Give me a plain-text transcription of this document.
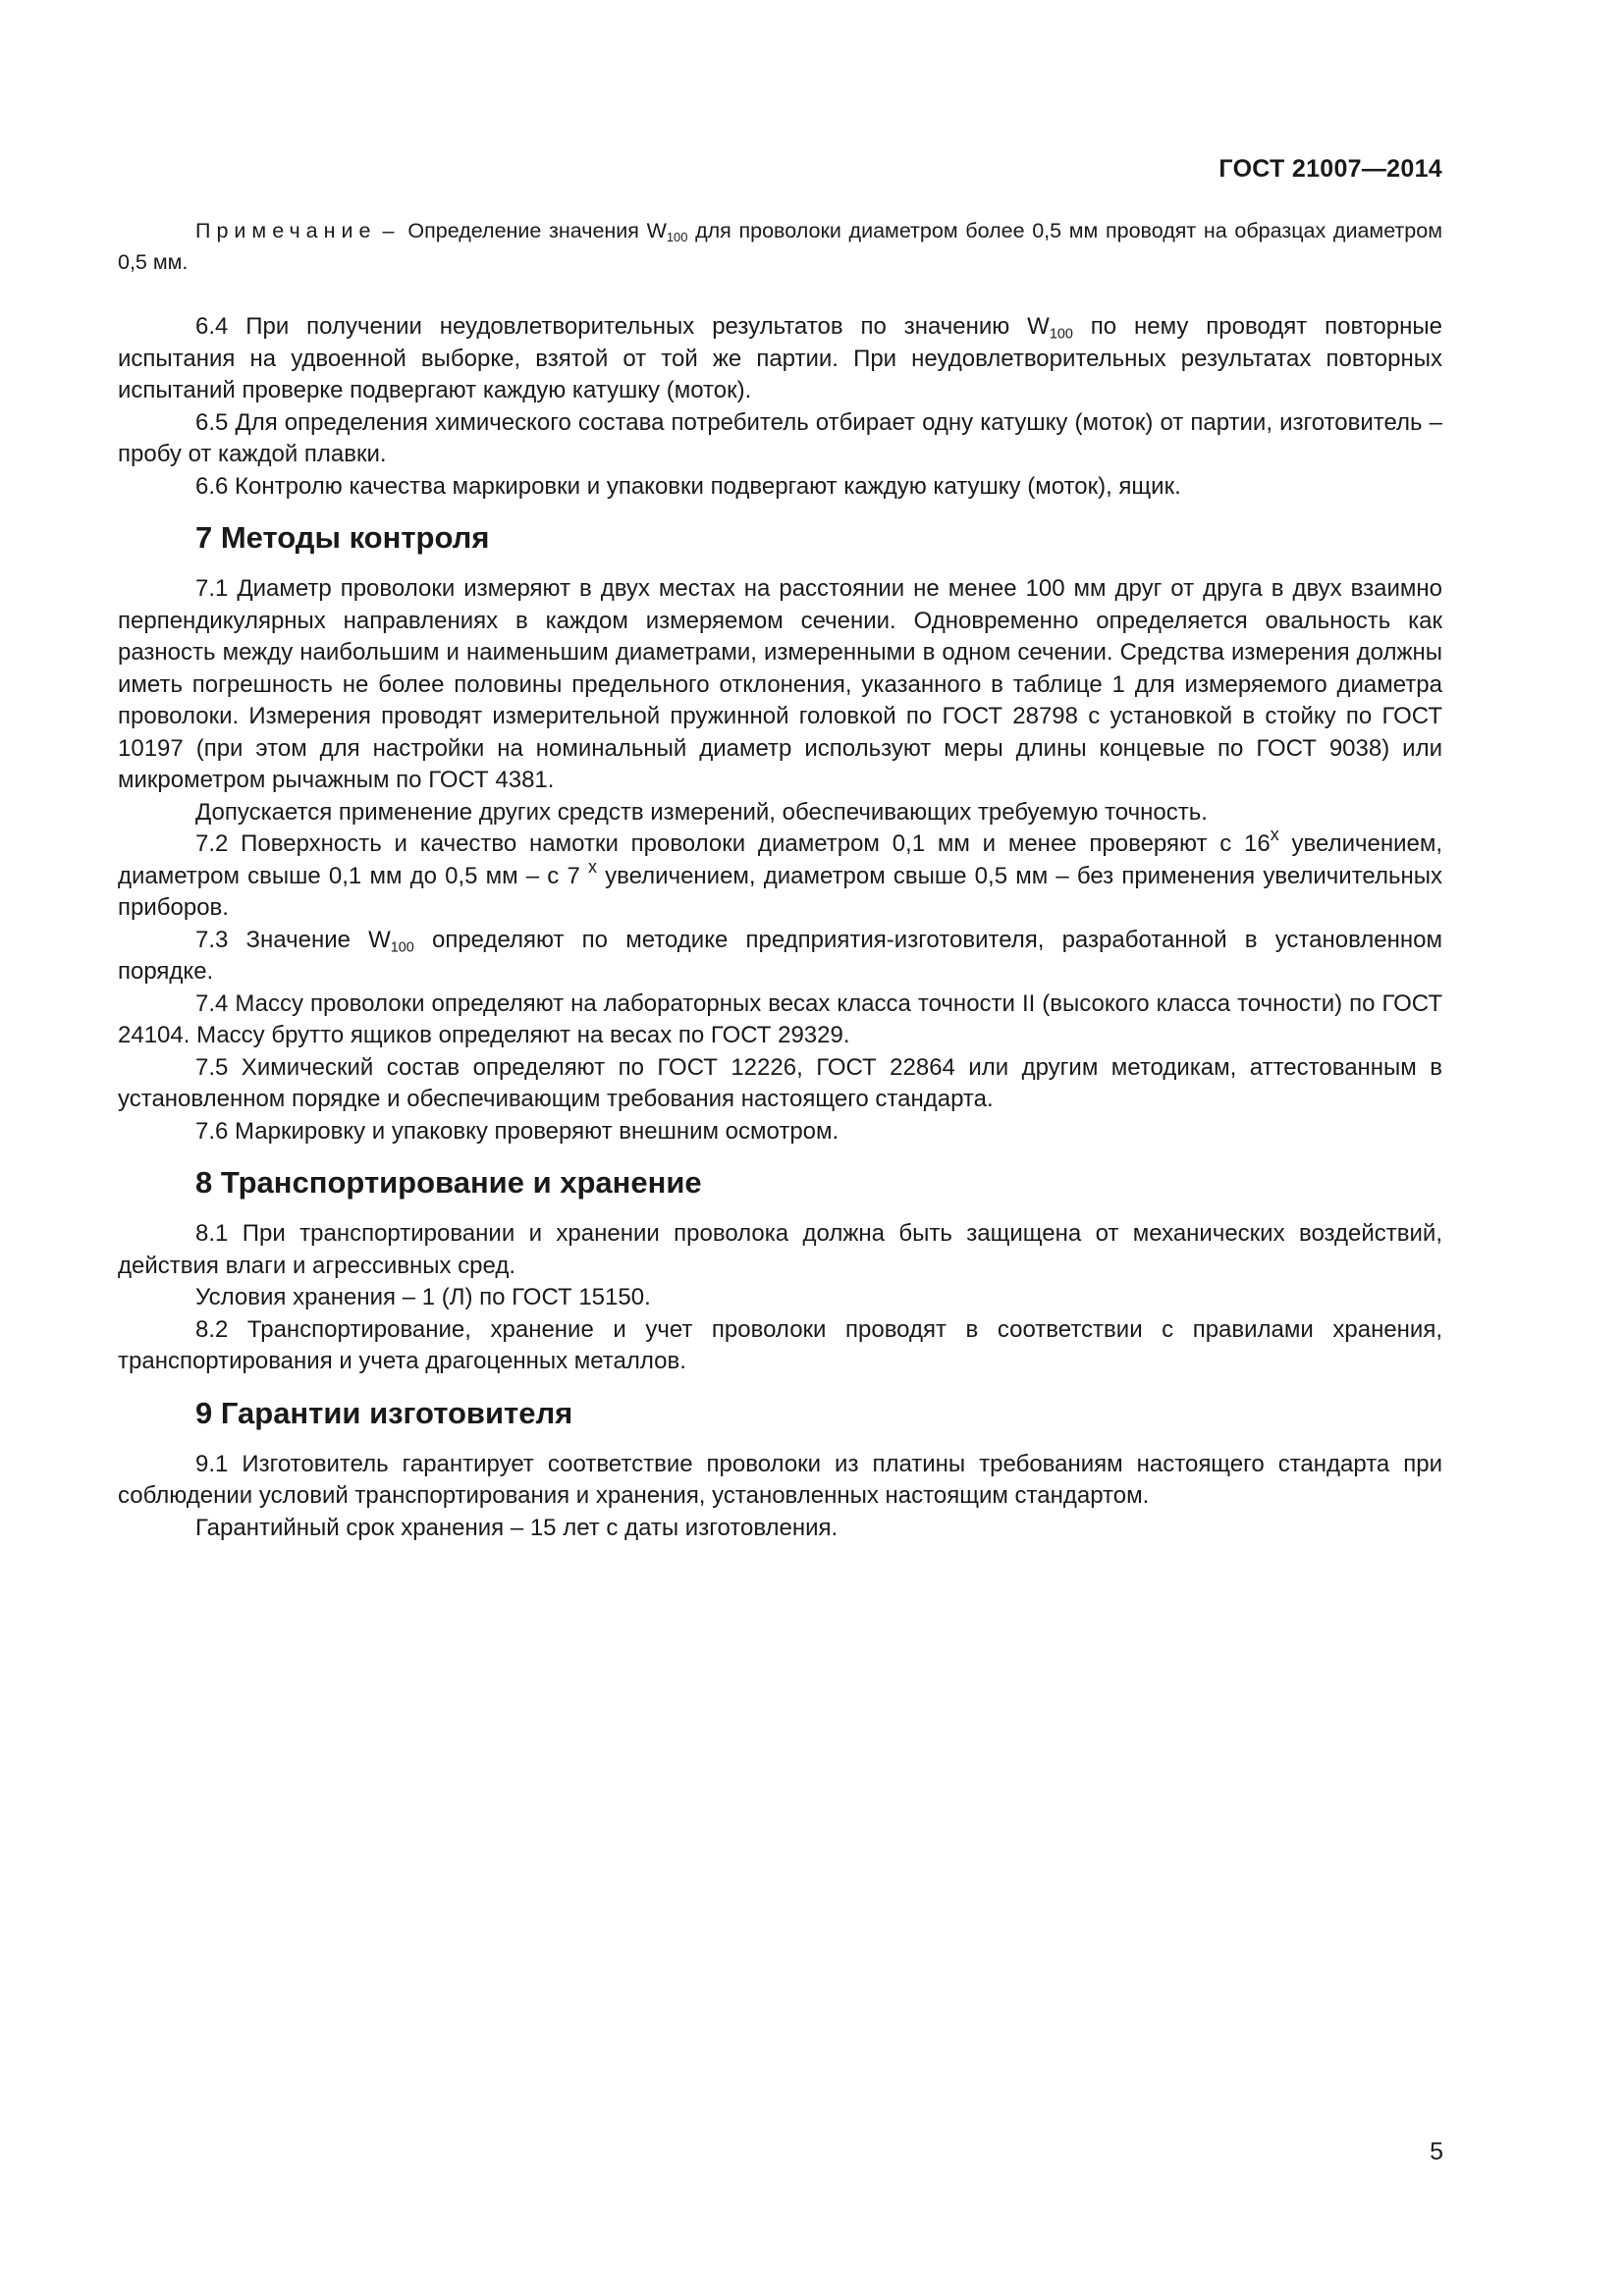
ГОСТ 21007—2014

Примечание – Определение значения $W_{100}$ для проволоки диаметром более 0,5 мм проводят на образцах диаметром 0,5 мм.

6.4 При получении неудовлетворительных результатов по значению $W_{100}$ по нему проводят повторные испытания на удвоенной выборке, взятой от той же партии. При неудовлетворительных результатах повторных испытаний проверке подвергают каждую катушку (моток).

6.5 Для определения химического состава потребитель отбирает одну катушку (моток) от партии, изготовитель – пробу от каждой плавки.

6.6 Контролю качества маркировки и упаковки подвергают каждую катушку (моток), ящик.

7 Методы контроля

7.1 Диаметр проволоки измеряют в двух местах на расстоянии не менее 100 мм друг от друга в двух взаимно перпендикулярных направлениях в каждом измеряемом сечении. Одновременно определяется овальность как разность между наибольшим и наименьшим диаметрами, измеренными в одном сечении. Средства измерения должны иметь погрешность не более половины предельного отклонения, указанного в таблице 1 для измеряемого диаметра проволоки. Измерения проводят измерительной пружинной головкой по ГОСТ 28798 с установкой в стойку по ГОСТ 10197 (при этом для настройки на номинальный диаметр используют меры длины концевые по ГОСТ 9038) или микрометром рычажным по ГОСТ 4381.

Допускается применение других средств измерений, обеспечивающих требуемую точность.

7.2 Поверхность и качество намотки проволоки диаметром 0,1 мм и менее проверяют с $16^х$ увеличением, диаметром свыше 0,1 мм до 0,5 мм – с 7 $^х$ увеличением, диаметром свыше 0,5 мм – без применения увеличительных приборов.

7.3 Значение $W_{100}$ определяют по методике предприятия-изготовителя, разработанной в установленном порядке.

7.4 Массу проволоки определяют на лабораторных весах класса точности II (высокого класса точности) по ГОСТ 24104. Массу брутто ящиков определяют на весах по ГОСТ 29329.

7.5 Химический состав определяют по ГОСТ 12226, ГОСТ 22864 или другим методикам, аттестованным в установленном порядке и обеспечивающим требования настоящего стандарта.

7.6 Маркировку и упаковку проверяют внешним осмотром.

8 Транспортирование и хранение

8.1 При транспортировании и хранении проволока должна быть защищена от механических воздействий, действия влаги и агрессивных сред.

Условия хранения – 1 (Л) по ГОСТ 15150.

8.2 Транспортирование, хранение и учет проволоки проводят в соответствии с правилами хранения, транспортирования и учета драгоценных металлов.

9 Гарантии изготовителя

9.1 Изготовитель гарантирует соответствие проволоки из платины требованиям настоящего стандарта при соблюдении условий транспортирования и хранения, установленных настоящим стандартом.

Гарантийный срок хранения – 15 лет с даты изготовления.

5
